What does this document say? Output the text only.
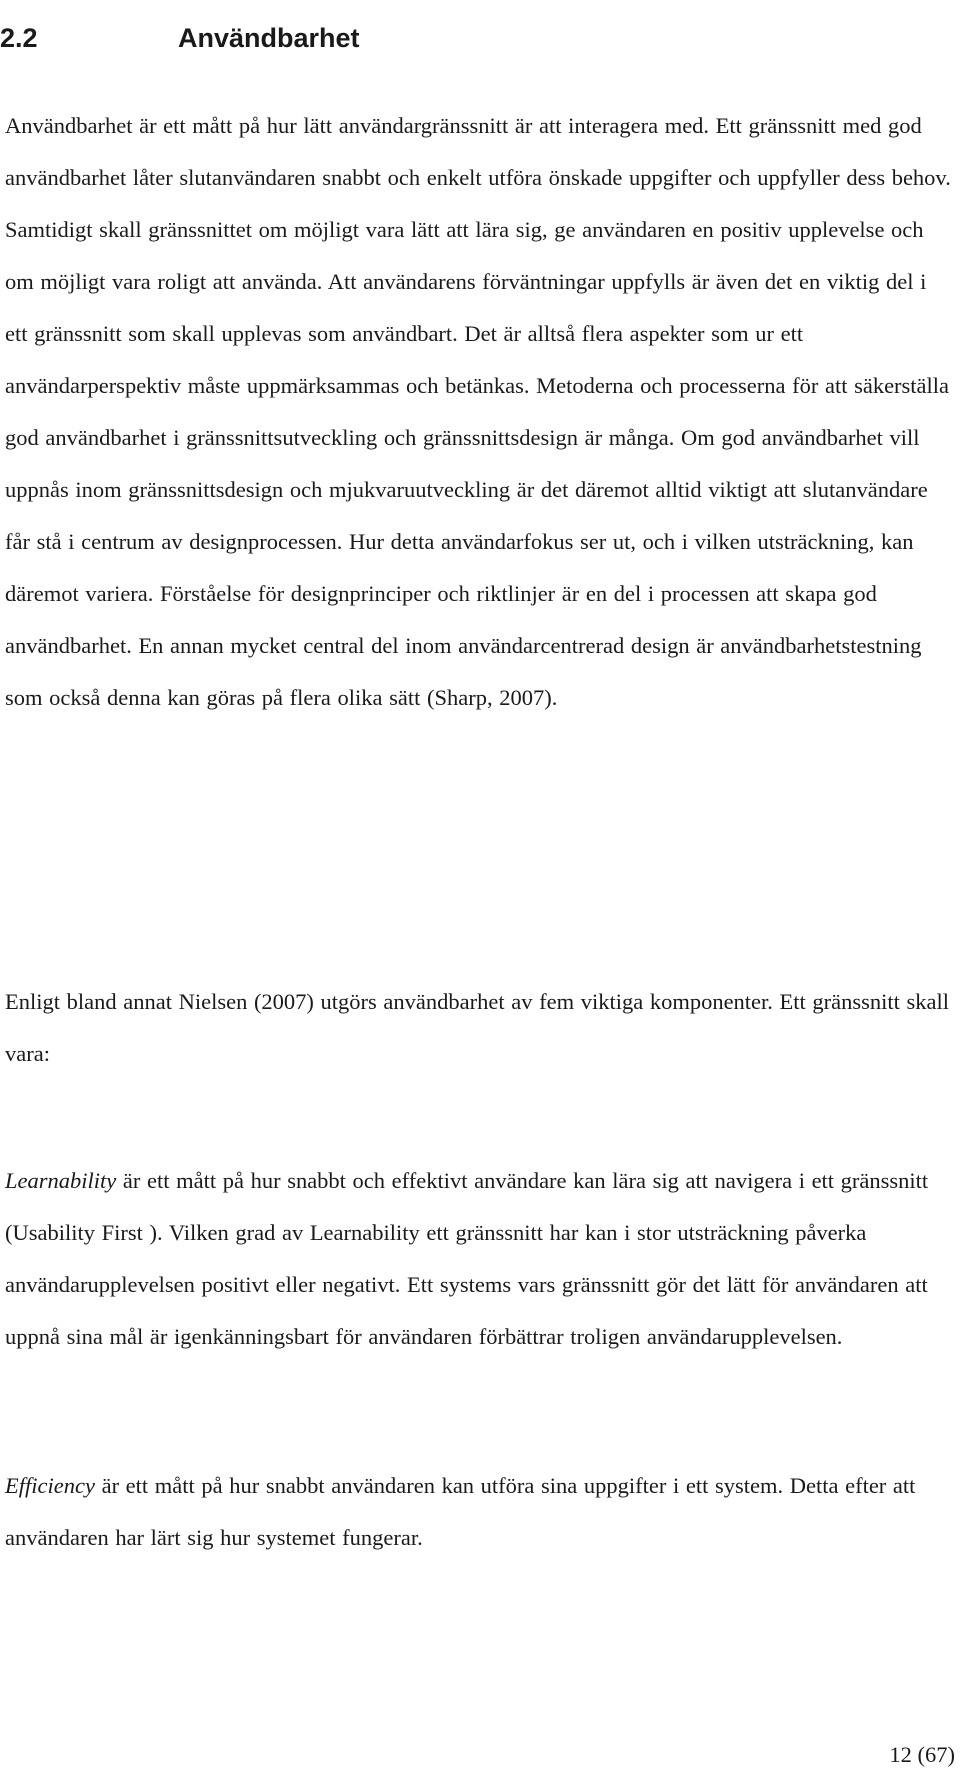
2.2	Användbarhet

Användbarhet är ett mått på hur lätt användargränssnitt är att interagera med. Ett gränssnitt med god användbarhet låter slutanvändaren snabbt och enkelt utföra önskade uppgifter och uppfyller dess behov. Samtidigt skall gränssnittet om möjligt vara lätt att lära sig, ge användaren en positiv upplevelse och om möjligt vara roligt att använda. Att användarens förväntningar uppfylls är även det en viktig del i ett gränssnitt som skall upplevas som användbart. Det är alltså flera aspekter som ur ett användarperspektiv måste uppmärksammas och betänkas. Metoderna och processerna för att säkerställa god användbarhet i gränssnittsutveckling och gränssnittsdesign är många. Om god användbarhet vill uppnås inom gränssnittsdesign och mjukvaruutveckling är det däremot alltid viktigt att slutanvändare får stå i centrum av designprocessen. Hur detta användarfokus ser ut, och i vilken utsträckning, kan däremot variera. Förståelse för designprinciper och riktlinjer är en del i processen att skapa god användbarhet. En annan mycket central del inom användarcentrerad design är användbarhetstestning som också denna kan göras på flera olika sätt (Sharp, 2007).

Enligt bland annat Nielsen (2007) utgörs användbarhet av fem viktiga komponenter. Ett gränssnitt skall vara:

Learnability är ett mått på hur snabbt och effektivt användare kan lära sig att navigera i ett gränssnitt (Usability First ). Vilken grad av Learnability ett gränssnitt har kan i stor utsträckning påverka användarupplevelsen positivt eller negativt. Ett systems vars gränssnitt gör det lätt för användaren att uppnå sina mål är igenkänningsbart för användaren förbättrar troligen användarupplevelsen.

Efficiency är ett mått på hur snabbt användaren kan utföra sina uppgifter i ett system. Detta efter att användaren har lärt sig hur systemet fungerar.

12 (67)
